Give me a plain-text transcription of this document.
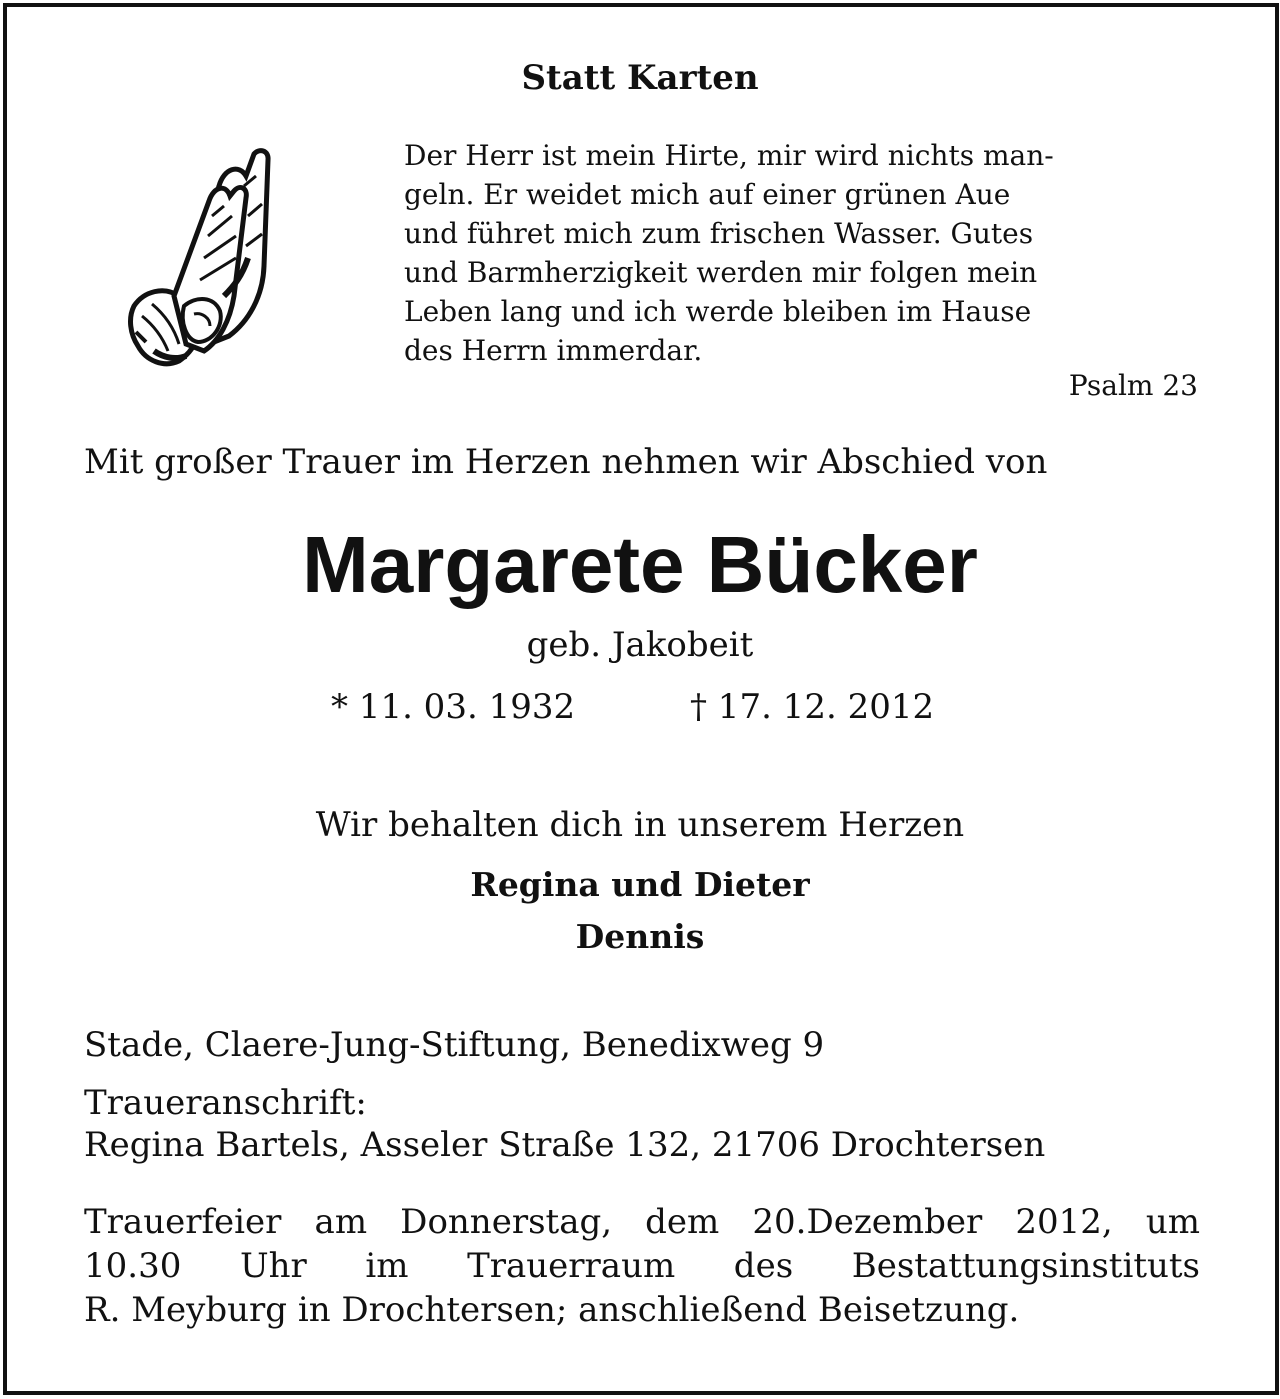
Statt Karten

Der Herr ist mein Hirte, mir wird nichts man-
geln. Er weidet mich auf einer grünen Aue
und führet mich zum frischen Wasser. Gutes
und Barmherzigkeit werden mir folgen mein
Leben lang und ich werde bleiben im Hause
des Herrn immerdar.

Psalm 23

Mit großer Trauer im Herzen nehmen wir Abschied von

Margarete Bücker

geb. Jakobeit

* 11. 03. 1932	† 17. 12. 2012

Wir behalten dich in unserem Herzen

Regina und Dieter

Dennis

Stade, Claere-Jung-Stiftung, Benedixweg 9

Traueranschrift:

Regina Bartels, Asseler Straße 132, 21706 Drochtersen

Trauerfeier am Donnerstag, dem 20.Dezember 2012, um
10.30 Uhr im Trauerraum des Bestattungsinstituts
R. Meyburg in Drochtersen; anschließend Beisetzung.
